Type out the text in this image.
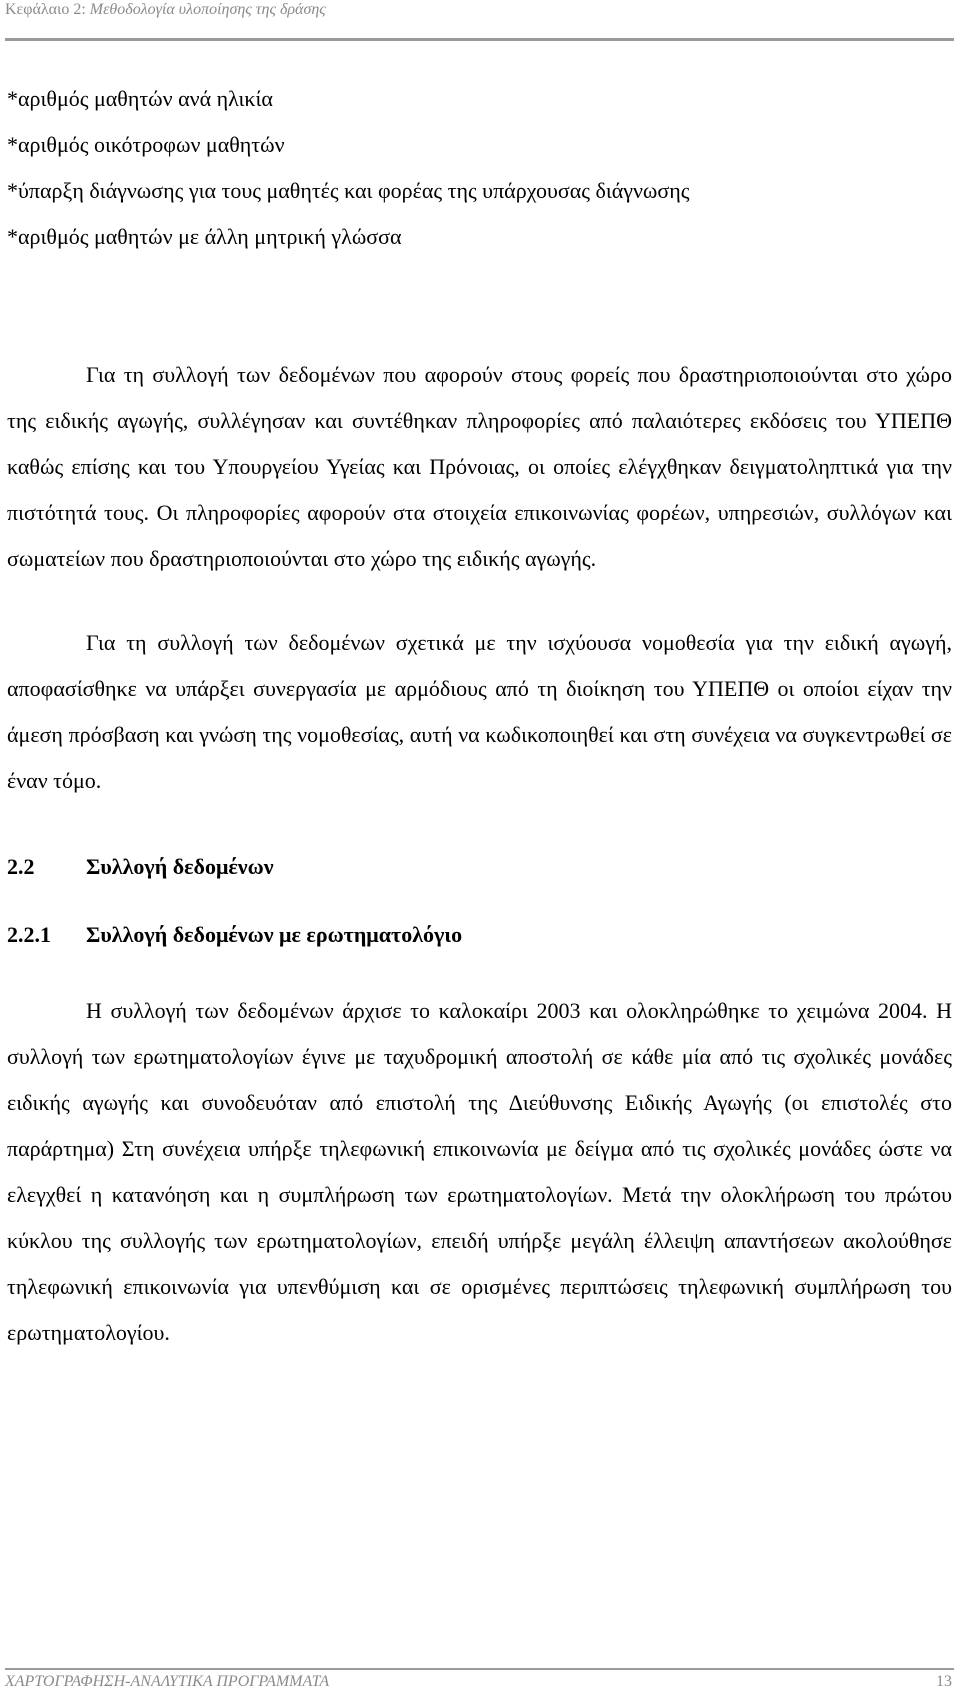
Κεφάλαιο 2: Μεθοδολογία υλοποίησης της δράσης

*αριθμός μαθητών ανά ηλικία

*αριθμός οικότροφων μαθητών

*ύπαρξη διάγνωσης για τους μαθητές και φορέας της υπάρχουσας διάγνωσης

*αριθμός μαθητών με άλλη μητρική γλώσσα

Για τη συλλογή των δεδομένων που αφορούν στους φορείς που δραστηριοποιούνται στο χώρο της ειδικής αγωγής, συλλέγησαν και συντέθηκαν πληροφορίες από παλαιότερες εκδόσεις του ΥΠΕΠΘ καθώς επίσης και του Υπουργείου Υγείας και Πρόνοιας, οι οποίες ελέγχθηκαν δειγματοληπτικά για την πιστότητά τους. Οι πληροφορίες αφορούν στα στοιχεία επικοινωνίας φορέων, υπηρεσιών, συλλόγων και σωματείων που δραστηριοποιούνται στο χώρο της ειδικής αγωγής.

Για τη συλλογή των δεδομένων σχετικά με την ισχύουσα νομοθεσία για την ειδική αγωγή, αποφασίσθηκε να υπάρξει συνεργασία με αρμόδιους από τη διοίκηση του ΥΠΕΠΘ οι οποίοι είχαν την άμεση πρόσβαση και γνώση της νομοθεσίας, αυτή να κωδικοποιηθεί και στη συνέχεια να συγκεντρωθεί σε έναν τόμο.

2.2 Συλλογή δεδομένων

2.2.1 Συλλογή δεδομένων με ερωτηματολόγιο

Η συλλογή των δεδομένων άρχισε το καλοκαίρι 2003 και ολοκληρώθηκε το χειμώνα 2004. Η συλλογή των ερωτηματολογίων έγινε με ταχυδρομική αποστολή σε κάθε μία από τις σχολικές μονάδες ειδικής αγωγής και συνοδευόταν από επιστολή της Διεύθυνσης Ειδικής Αγωγής (οι επιστολές στο παράρτημα) Στη συνέχεια υπήρξε τηλεφωνική επικοινωνία με δείγμα από τις σχολικές μονάδες ώστε να ελεγχθεί η κατανόηση και η συμπλήρωση των ερωτηματολογίων. Μετά την ολοκλήρωση του πρώτου κύκλου της συλλογής των ερωτηματολογίων, επειδή υπήρξε μεγάλη έλλειψη απαντήσεων ακολούθησε τηλεφωνική επικοινωνία για υπενθύμιση και σε ορισμένες περιπτώσεις τηλεφωνική συμπλήρωση του ερωτηματολογίου.

ΧΑΡΤΟΓΡΑΦΗΣΗ-ΑΝΑΛΥΤΙΚΑ ΠΡΟΓΡΑΜΜΑΤΑ	13
